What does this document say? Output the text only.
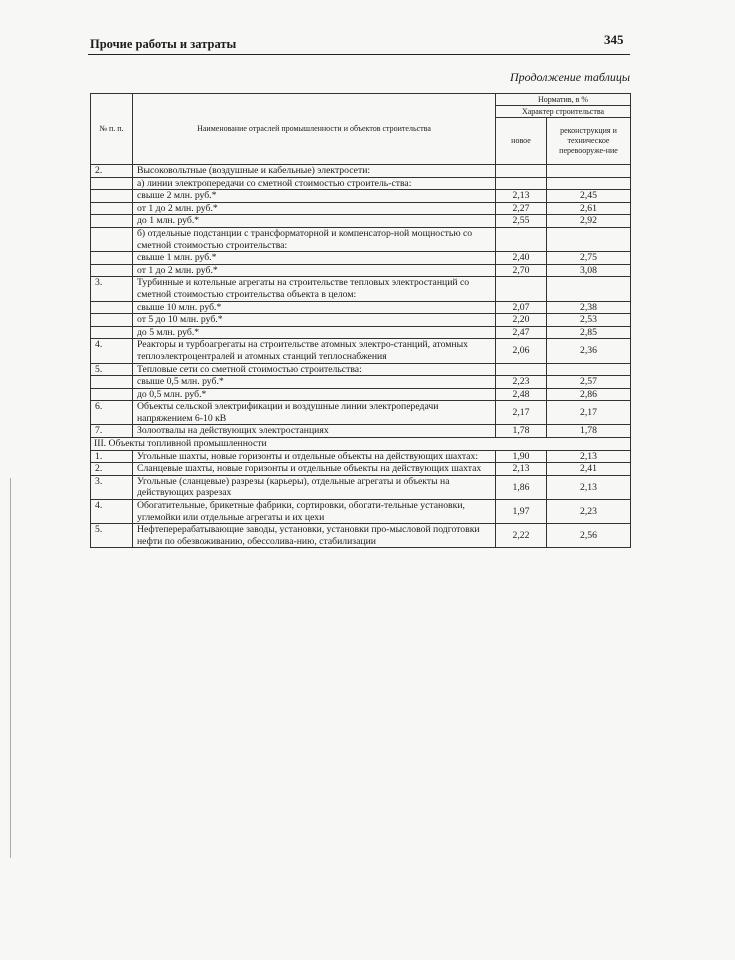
Прочие работы и затраты	345
Продолжение таблицы
№ п. п.	Наименование отраслей промышленности и объектов строительства	Норматив, в %	
		Характер строительства	
		новое	реконструкция и техническое перевооруже-ние
2.	Высоковольтные (воздушные и кабельные) электросети:		
	а) линии электропередачи со сметной стоимостью строитель-ства:		
	свыше 2 млн. руб.*	2,13	2,45
	от 1 до 2 млн. руб.*	2,27	2,61
	до 1 млн. руб.*	2,55	2,92
	б) отдельные подстанции с трансформаторной и компенсатор-ной мощностью со сметной стоимостью строительства:		
	свыше 1 млн. руб.*	2,40	2,75
	от 1 до 2 млн. руб.*	2,70	3,08
3.	Турбинные и котельные агрегаты на строительстве тепловых электростанций со сметной стоимостью строительства объекта в целом:		
	свыше 10 млн. руб.*	2,07	2,38
	от 5 до 10 млн. руб.*	2,20	2,53
	до 5 млн. руб.*	2,47	2,85
4.	Реакторы и турбоагрегаты на строительстве атомных электро-станций, атомных теплоэлектроцентралей и атомных станций теплоснабжения	2,06	2,36
5.	Тепловые сети со сметной стоимостью строительства:		
	свыше 0,5 млн. руб.*	2,23	2,57
	до 0,5 млн. руб.*	2,48	2,86
6.	Объекты сельской электрификации и воздушные линии электропередачи напряжением 6-10 кВ	2,17	2,17
7.	Золоотвалы на действующих электростанциях	1,78	1,78
III. Объекты топливной промышленности			
1.	Угольные шахты, новые горизонты и отдельные объекты на действующих шахтах:	1,90	2,13
2.	Сланцевые шахты, новые горизонты и отдельные объекты на действующих шахтах	2,13	2,41
3.	Угольные (сланцевые) разрезы (карьеры), отдельные агрегаты и объекты на действующих разрезах	1,86	2,13
4.	Обогатительные, брикетные фабрики, сортировки, обогати-тельные установки, углемойки или отдельные агрегаты и их цехи	1,97	2,23
5.	Нефтеперерабатывающие заводы, установки, установки про-мысловой подготовки нефти по обезвоживанию, обессолива-нию, стабилизации	2,22	2,56
